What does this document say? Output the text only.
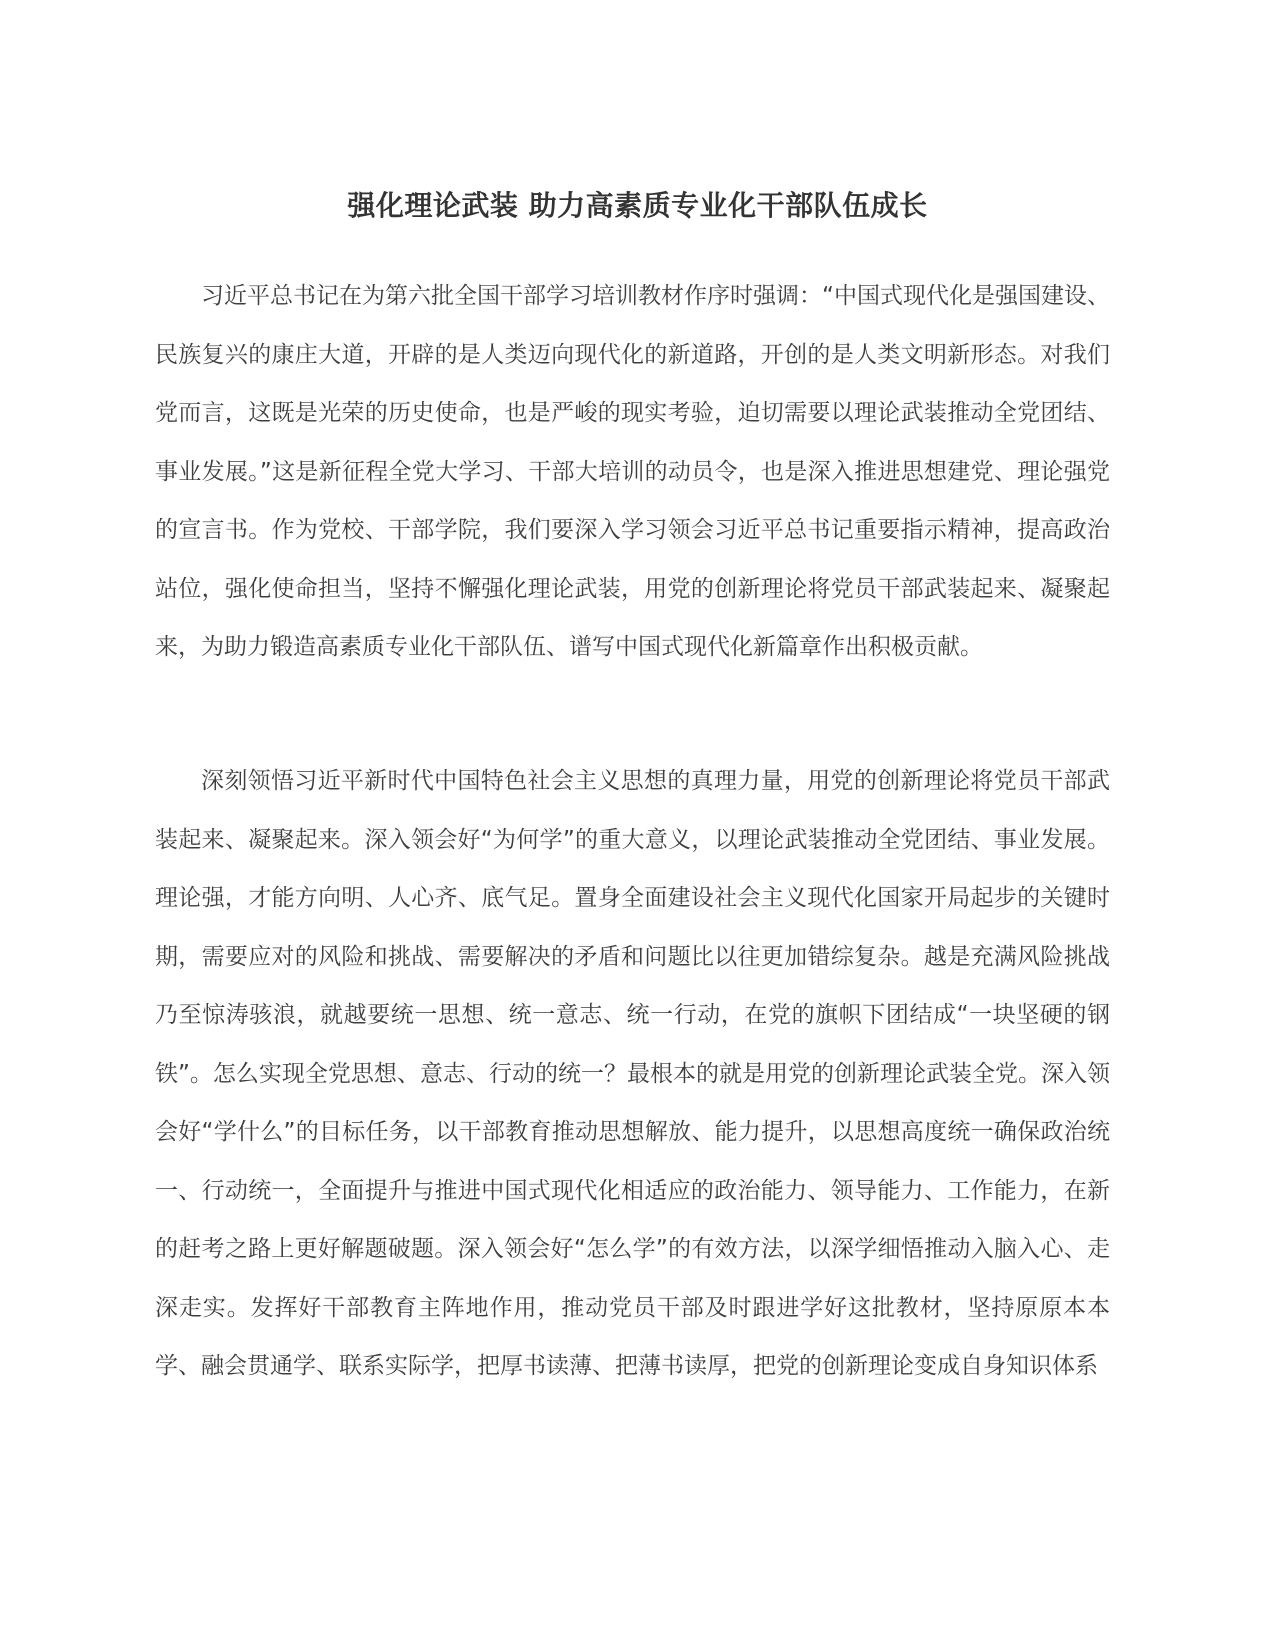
强化理论武装 助力高素质专业化干部队伍成长

习近平总书记在为第六批全国干部学习培训教材作序时强调：“中国式现代化是强国建设、民族复兴的康庄大道，开辟的是人类迈向现代化的新道路，开创的是人类文明新形态。对我们党而言，这既是光荣的历史使命，也是严峻的现实考验，迫切需要以理论武装推动全党团结、事业发展。”这是新征程全党大学习、干部大培训的动员令，也是深入推进思想建党、理论强党的宣言书。作为党校、干部学院，我们要深入学习领会习近平总书记重要指示精神，提高政治站位，强化使命担当，坚持不懈强化理论武装，用党的创新理论将党员干部武装起来、凝聚起来，为助力锻造高素质专业化干部队伍、谱写中国式现代化新篇章作出积极贡献。

深刻领悟习近平新时代中国特色社会主义思想的真理力量，用党的创新理论将党员干部武装起来、凝聚起来。深入领会好“为何学”的重大意义，以理论武装推动全党团结、事业发展。理论强，才能方向明、人心齐、底气足。置身全面建设社会主义现代化国家开局起步的关键时期，需要应对的风险和挑战、需要解决的矛盾和问题比以往更加错综复杂。越是充满风险挑战乃至惊涛骇浪，就越要统一思想、统一意志、统一行动，在党的旗帜下团结成“一块坚硬的钢铁”。怎么实现全党思想、意志、行动的统一？最根本的就是用党的创新理论武装全党。深入领会好“学什么”的目标任务，以干部教育推动思想解放、能力提升，以思想高度统一确保政治统一、行动统一，全面提升与推进中国式现代化相适应的政治能力、领导能力、工作能力，在新的赶考之路上更好解题破题。深入领会好“怎么学”的有效方法，以深学细悟推动入脑入心、走深走实。发挥好干部教育主阵地作用，推动党员干部及时跟进学好这批教材，坚持原原本本学、融会贯通学、联系实际学，把厚书读薄、把薄书读厚，把党的创新理论变成自身知识体系
